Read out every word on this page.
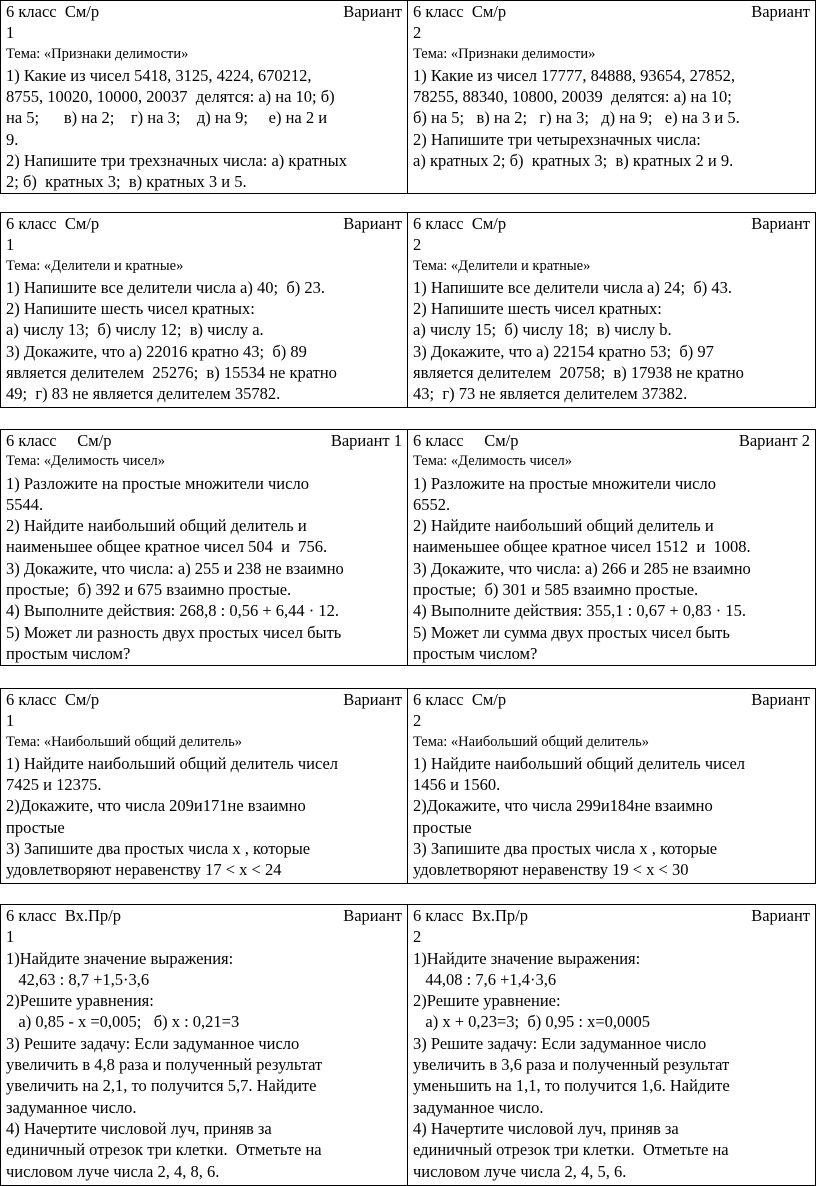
6 класс  См/р	Вариант
1
Тема: «Признаки делимости»
1) Какие из чисел 5418, 3125, 4224, 670212,
8755, 10020, 10000, 20037  делятся: а) на 10; б)
на 5;      в) на 2;    г) на 3;    д) на 9;     е) на 2 и
9.
2) Напишите три трехзначных числа: а) кратных
2; б)  кратных 3;  в) кратных 3 и 5.
6 класс  См/р	Вариант
2
Тема: «Признаки делимости»
1) Какие из чисел 17777, 84888, 93654, 27852,
78255, 88340, 10800, 20039  делятся: а) на 10;
б) на 5;   в) на 2;   г) на 3;   д) на 9;   е) на 3 и 5.
2) Напишите три четырехзначных числа:
а) кратных 2; б)  кратных 3;  в) кратных 2 и 9.
6 класс  См/р	Вариант
1
Тема: «Делители и кратные»
1) Напишите все делители числа а) 40;  б) 23.
2) Напишите шесть чисел кратных:
а) числу 13;  б) числу 12;  в) числу a.
3) Докажите, что а) 22016 кратно 43;  б) 89
является делителем  25276;  в) 15534 не кратно
49;  г) 83 не является делителем 35782.
6 класс  См/р	Вариант
2
Тема: «Делители и кратные»
1) Напишите все делители числа а) 24;  б) 43.
2) Напишите шесть чисел кратных:
а) числу 15;  б) числу 18;  в) числу b.
3) Докажите, что а) 22154 кратно 53;  б) 97
является делителем  20758;  в) 17938 не кратно
43;  г) 73 не является делителем 37382.
6 класс     См/р	Вариант 1
Тема: «Делимость чисел»
1) Разложите на простые множители число
5544.
2) Найдите наибольший общий делитель и
наименьшее общее кратное чисел 504  и  756.
3) Докажите, что числа: а) 255 и 238 не взаимно
простые;  б) 392 и 675 взаимно простые.
4) Выполните действия: 268,8 : 0,56 + 6,44 · 12.
5) Может ли разность двух простых чисел быть
простым числом?
6 класс     См/р	Вариант 2
Тема: «Делимость чисел»
1) Разложите на простые множители число
6552.
2) Найдите наибольший общий делитель и
наименьшее общее кратное чисел 1512  и  1008.
3) Докажите, что числа: а) 266 и 285 не взаимно
простые;  б) 301 и 585 взаимно простые.
4) Выполните действия: 355,1 : 0,67 + 0,83 · 15.
5) Может ли сумма двух простых чисел быть
простым числом?
6 класс  См/р	Вариант
1
Тема: «Наибольший общий делитель»
1) Найдите наибольший общий делитель чисел
7425 и 12375.
2)Докажите, что числа 209и171не взаимно
простые
3) Запишите два простых числа x , которые
удовлетворяют неравенству 17 < x < 24
6 класс  См/р	Вариант
2
Тема: «Наибольший общий делитель»
1) Найдите наибольший общий делитель чисел
1456 и 1560.
2)Докажите, что числа 299и184не взаимно
простые
3) Запишите два простых числа x , которые
удовлетворяют неравенству 19 < x < 30
6 класс  Вх.Пр/р	Вариант
1
1)Найдите значение выражения:
42,63 : 8,7 +1,5·3,6
2)Решите уравнения:
а) 0,85 - x =0,005;   б) x : 0,21=3
3) Решите задачу: Если задуманное число
увеличить в 4,8 раза и полученный результат
увеличить на 2,1, то получится 5,7. Найдите
задуманное число.
4) Начертите числовой луч, приняв за
единичный отрезок три клетки.  Отметьте на
числовом луче числа 2, 4, 8, 6.
6 класс  Вх.Пр/р	Вариант
2
1)Найдите значение выражения:
44,08 : 7,6 +1,4·3,6
2)Решите уравнение:
а) x + 0,23=3;  б) 0,95 : x=0,0005
3) Решите задачу: Если задуманное число
увеличить в 3,6 раза и полученный результат
уменьшить на 1,1, то получится 1,6. Найдите
задуманное число.
4) Начертите числовой луч, приняв за
единичный отрезок три клетки.  Отметьте на
числовом луче числа 2, 4, 5, 6.
